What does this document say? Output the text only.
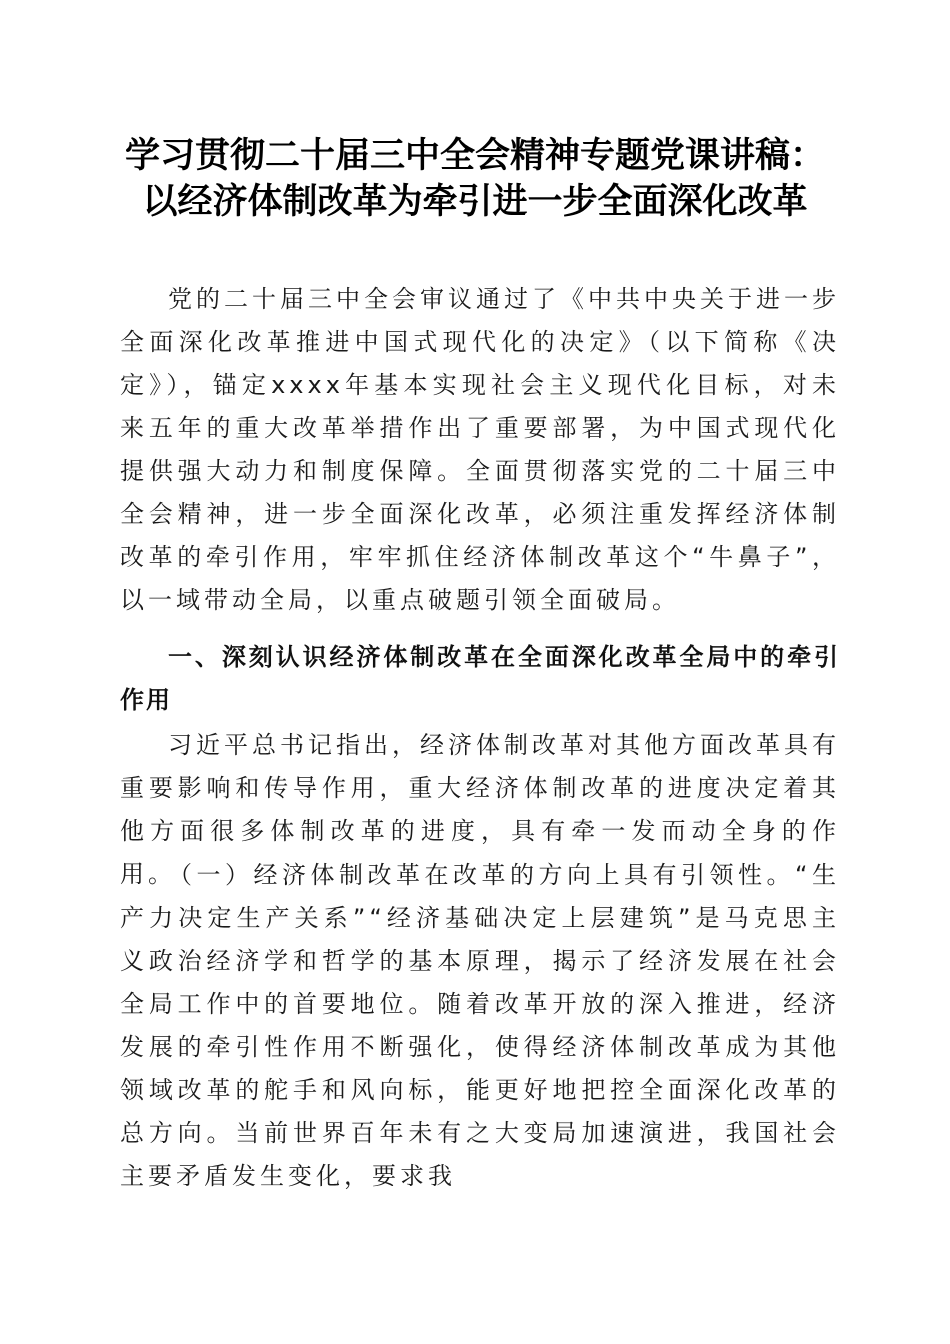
学习贯彻二十届三中全会精神专题党课讲稿：
以经济体制改革为牵引进一步全面深化改革
党的二十届三中全会审议通过了《中共中央关于进一步全面深化改革推进中国式现代化的决定》（以下简称《决定》），锚定xxxx年基本实现社会主义现代化目标，对未来五年的重大改革举措作出了重要部署，为中国式现代化提供强大动力和制度保障。全面贯彻落实党的二十届三中全会精神，进一步全面深化改革，必须注重发挥经济体制改革的牵引作用，牢牢抓住经济体制改革这个“牛鼻子”，以一域带动全局，以重点破题引领全面破局。
一、深刻认识经济体制改革在全面深化改革全局中的牵引作用
习近平总书记指出，经济体制改革对其他方面改革具有重要影响和传导作用，重大经济体制改革的进度决定着其他方面很多体制改革的进度，具有牵一发而动全身的作用。
（一）经济体制改革在改革的方向上具有引领性。“生产力决定生产关系”“经济基础决定上层建筑”是马克思主义政治经济学和哲学的基本原理，揭示了经济发展在社会全局工作中的首要地位。随着改革开放的深入推进，经济发展的牵引性作用不断强化，使得经济体制改革成为其他领域改革的舵手和风向标，能更好地把控全面深化改革的总方向。当前世界百年未有之大变局加速演进，我国社会主要矛盾发生变化，要求我
